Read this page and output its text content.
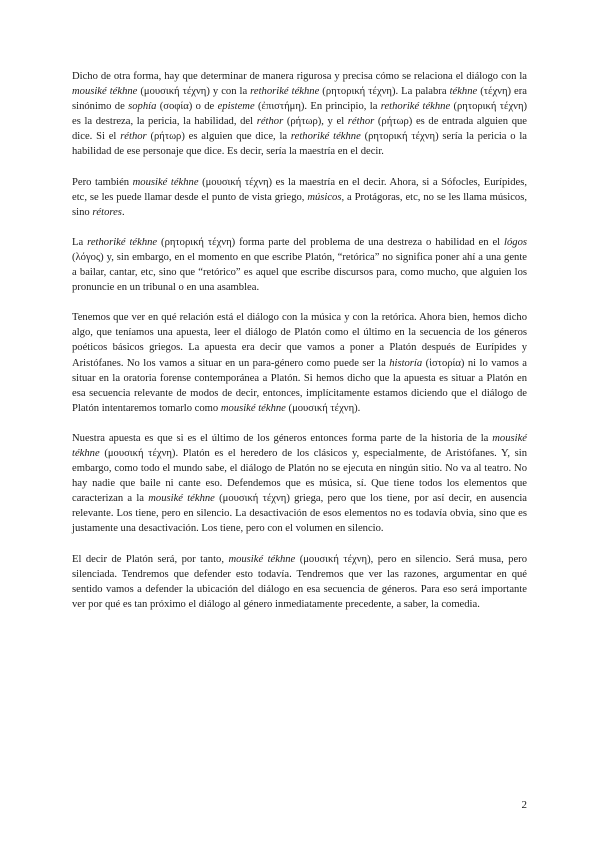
Dicho de otra forma, hay que determinar de manera rigurosa y precisa cómo se relaciona el diálogo con la mousiké tékhne (μουσική τέχνη) y con la rethoriké tékhne (ρητορική τέχνη). La palabra tékhne (τέχνη) era sinónimo de sophía (σοφία) o de episteme (ἐπιστήμη). En principio, la rethoriké tékhne (ρητορική τέχνη) es la destreza, la pericia, la habilidad, del réthor (ρήτωρ), y el réthor (ρήτωρ) es de entrada alguien que dice. Si el réthor (ρήτωρ) es alguien que dice, la rethoriké tékhne (ρητορική τέχνη) sería la pericia o la habilidad de ese personaje que dice. Es decir, sería la maestría en el decir.

Pero también mousiké tékhne (μουσική τέχνη) es la maestría en el decir. Ahora, si a Sófocles, Eurípides, etc, se les puede llamar desde el punto de vista griego, músicos, a Protágoras, etc, no se les llama músicos, sino rétores.

La rethoriké tékhne (ρητορική τέχνη) forma parte del problema de una destreza o habilidad en el lógos (λόγος) y, sin embargo, en el momento en que escribe Platón, “retórica” no significa poner ahí a una gente a bailar, cantar, etc, sino que “retórico” es aquel que escribe discursos para, como mucho, que alguien los pronuncie en un tribunal o en una asamblea.

Tenemos que ver en qué relación está el diálogo con la música y con la retórica. Ahora bien, hemos dicho algo, que teníamos una apuesta, leer el diálogo de Platón como el último en la secuencia de los géneros poéticos básicos griegos. La apuesta era decir que vamos a poner a Platón después de Eurípides y Aristófanes. No los vamos a situar en un para-género como puede ser la historía (ἱστορία) ni lo vamos a situar en la oratoria forense contemporánea a Platón. Si hemos dicho que la apuesta es situar a Platón en esa secuencia relevante de modos de decir, entonces, implícitamente estamos diciendo que el diálogo de Platón intentaremos tomarlo como mousiké tékhne (μουσική τέχνη).

Nuestra apuesta es que si es el último de los géneros entonces forma parte de la historia de la mousiké tékhne (μουσική τέχνη). Platón es el heredero de los clásicos y, especialmente, de Aristófanes. Y, sin embargo, como todo el mundo sabe, el diálogo de Platón no se ejecuta en ningún sitio. No va al teatro. No hay nadie que baile ni cante eso. Defendemos que es música, sí. Que tiene todos los elementos que caracterizan a la mousiké tékhne (μουσική τέχνη) griega, pero que los tiene, por así decir, en ausencia relevante. Los tiene, pero en silencio. La desactivación de esos elementos no es todavía obvia, sino que es justamente una desactivación. Los tiene, pero con el volumen en silencio.

El decir de Platón será, por tanto, mousiké tékhne (μουσική τέχνη), pero en silencio. Será musa, pero silenciada. Tendremos que defender esto todavía. Tendremos que ver las razones, argumentar en qué sentido vamos a defender la ubicación del diálogo en esa secuencia de géneros. Para eso será importante ver por qué es tan próximo el diálogo al género inmediatamente precedente, a saber, la comedia.

2
